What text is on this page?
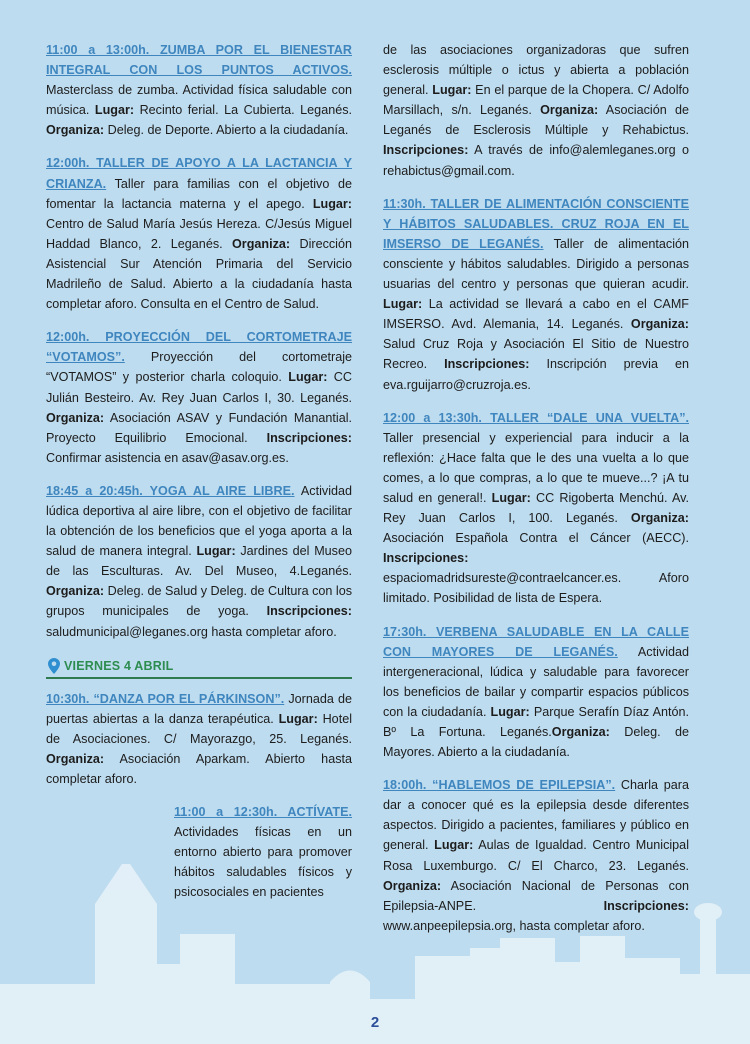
11:00 a 13:00h. ZUMBA POR EL BIENESTAR INTEGRAL CON LOS PUNTOS ACTIVOS. Masterclass de zumba. Actividad física saludable con música. Lugar: Recinto ferial. La Cubierta. Leganés. Organiza: Deleg. de Deporte. Abierto a la ciudadanía.

12:00h. TALLER DE APOYO A LA LACTANCIA Y CRIANZA. Taller para familias con el objetivo de fomentar la lactancia materna y el apego. Lugar: Centro de Salud María Jesús Hereza. C/Jesús Miguel Haddad Blanco, 2. Leganés. Organiza: Dirección Asistencial Sur Atención Primaria del Servicio Madrileño de Salud. Abierto a la ciudadanía hasta completar aforo. Consulta en el Centro de Salud.

12:00h. PROYECCIÓN DEL CORTOMETRAJE “VOTAMOS”. Proyección del cortometraje “VOTAMOS” y posterior charla coloquio. Lugar: CC Julián Besteiro. Av. Rey Juan Carlos I, 30. Leganés. Organiza: Asociación ASAV y Fundación Manantial. Proyecto Equilibrio Emocional. Inscripciones: Confirmar asistencia en asav@asav.org.es.

18:45 a 20:45h. YOGA AL AIRE LIBRE. Actividad lúdica deportiva al aire libre, con el objetivo de facilitar la obtención de los beneficios que el yoga aporta a la salud de manera integral. Lugar: Jardines del Museo de las Esculturas. Av. Del Museo, 4.Leganés. Organiza: Deleg. de Salud y Deleg. de Cultura con los grupos municipales de yoga. Inscripciones: saludmunicipal@leganes.org hasta completar aforo.

VIERNES 4 ABRIL

10:30h. “DANZA POR EL PÁRKINSON”. Jornada de puertas abiertas a la danza terapéutica. Lugar: Hotel de Asociaciones. C/ Mayorazgo, 25. Leganés. Organiza: Asociación Aparkam. Abierto hasta completar aforo.

11:00 a 12:30h. ACTÍVATE. Actividades físicas en un entorno abierto para promover hábitos saludables físicos y psicosociales en pacientes

de las asociaciones organizadoras que sufren esclerosis múltiple o ictus y abierta a población general. Lugar: En el parque de la Chopera. C/ Adolfo Marsillach, s/n. Leganés. Organiza: Asociación de Leganés de Esclerosis Múltiple y Rehabictus. Inscripciones: A través de info@alemleganes.org o rehabictus@gmail.com.

11:30h. TALLER DE ALIMENTACIÓN CONSCIENTE Y HÁBITOS SALUDABLES. CRUZ ROJA EN EL IMSERSO DE LEGANÉS. Taller de alimentación consciente y hábitos saludables. Dirigido a personas usuarias del centro y personas que quieran acudir. Lugar: La actividad se llevará a cabo en el CAMF IMSERSO. Avd. Alemania, 14. Leganés. Organiza: Salud Cruz Roja y Asociación El Sitio de Nuestro Recreo. Inscripciones: Inscripción previa en eva.rguijarro@cruzroja.es.

12:00 a 13:30h. TALLER “DALE UNA VUELTA”. Taller presencial y experiencial para inducir a la reflexión: ¿Hace falta que le des una vuelta a lo que comes, a lo que compras, a lo que te mueve...? ¡A tu salud en general!. Lugar: CC Rigoberta Menchú. Av. Rey Juan Carlos I, 100. Leganés. Organiza: Asociación Española Contra el Cáncer (AECC). Inscripciones: espaciomadridsureste@contraelcancer.es. Aforo limitado. Posibilidad de lista de Espera.

17:30h. VERBENA SALUDABLE EN LA CALLE CON MAYORES DE LEGANÉS. Actividad intergeneracional, lúdica y saludable para favorecer los beneficios de bailar y compartir espacios públicos con la ciudadanía. Lugar: Parque Serafín Díaz Antón. Bº La Fortuna. Leganés.Organiza: Deleg. de Mayores. Abierto a la ciudadanía.

18:00h. “HABLEMOS DE EPILEPSIA”. Charla para dar a conocer qué es la epilepsia desde diferentes aspectos. Dirigido a pacientes, familiares y público en general. Lugar: Aulas de Igualdad. Centro Municipal Rosa Luxemburgo. C/ El Charco, 23. Leganés. Organiza: Asociación Nacional de Personas con Epilepsia-ANPE. Inscripciones: www.anpeepilepsia.org, hasta completar aforo.

2
